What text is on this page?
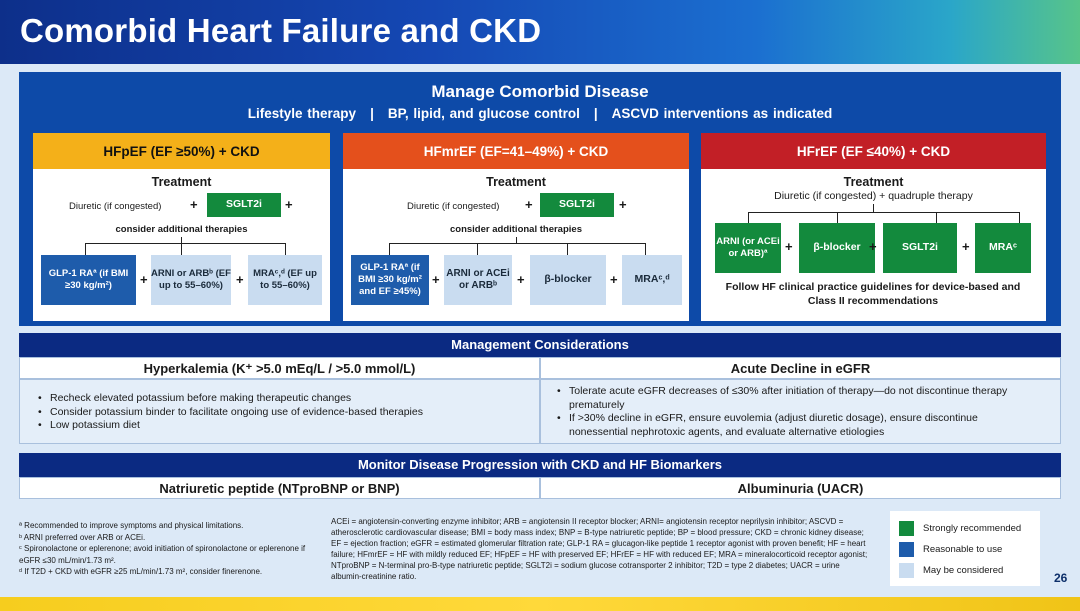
Comorbid Heart Failure and CKD
Manage Comorbid Disease
Lifestyle therapy | BP, lipid, and glucose control | ASCVD interventions as indicated
HFpEF (EF ≥50%) + CKD
Treatment
Diuretic (if congested) +	SGLT2i	+
consider additional therapies
GLP-1 RAª (if BMI ≥30 kg/m²)	+ ARNI or ARBᵇ (EF up to 55–60%)	+	MRAᶜ,ᵈ (EF up to 55–60%)
HFmrEF (EF=41–49%) + CKD
Treatment
Diuretic (if congested) +	SGLT2i	+
consider additional therapies
GLP-1 RAª (if BMI ≥30 kg/m² and EF ≥45%)
+ ARNI or ACEi or ARBᵇ	+	β-blocker	+	MRAᶜ,ᵈ
HFrEF (EF ≤40%) + CKD
Treatment
Diuretic (if congested) + quadruple therapy
ARNI (or ACEi or ARB)ª	+	β-blocker +	SGLT2i	+	MRAᶜ
Follow HF clinical practice guidelines for device-based and Class II recommendations
Management Considerations
Hyperkalemia (K⁺ >5.0 mEq/L / >5.0 mmol/L)	Acute Decline in eGFR
• Recheck elevated potassium before making therapeutic changes
• Consider potassium binder to facilitate ongoing use of evidence-based therapies
• Low potassium diet
• Tolerate acute eGFR decreases of ≤30% after initiation of therapy—do not discontinue therapy prematurely
• If >30% decline in eGFR, ensure euvolemia (adjust diuretic dosage), ensure discontinue nonessential nephrotoxic agents, and evaluate alternative etiologies
Monitor Disease Progression with CKD and HF Biomarkers
Natriuretic peptide (NTproBNP or BNP)	Albuminuria (UACR)
ª Recommended to improve symptoms and physical limitations.
ᵇ ARNI preferred over ARB or ACEi.
ᶜ Spironolactone or eplerenone; avoid initiation of spironolactone or eplerenone if eGFR ≤30 mL/min/1.73 m².
ᵈ If T2D + CKD with eGFR ≥25 mL/min/1.73 m², consider finerenone.
ACEi = angiotensin-converting enzyme inhibitor; ARB = angiotensin II receptor blocker; ARNI= angiotensin receptor neprilysin inhibitor; ASCVD = atherosclerotic cardiovascular disease; BMI = body mass index; BNP = B-type natriuretic peptide; BP = blood pressure; CKD = chronic kidney disease; EF = ejection fraction; eGFR = estimated glomerular filtration rate; GLP-1 RA = glucagon-like peptide 1 receptor agonist with proven benefit; HF = heart failure; HFmrEF = HF with mildly reduced EF; HFpEF = HF with preserved EF; HFrEF = HF with reduced EF; MRA = mineralocorticoid receptor agonist; NTproBNP = N-terminal pro-B-type natriuretic peptide; SGLT2i = sodium glucose cotransporter 2 inhibitor; T2D = type 2 diabetes; UACR = urine albumin-creatinine ratio.
Strongly recommended
Reasonable to use
May be considered
26
